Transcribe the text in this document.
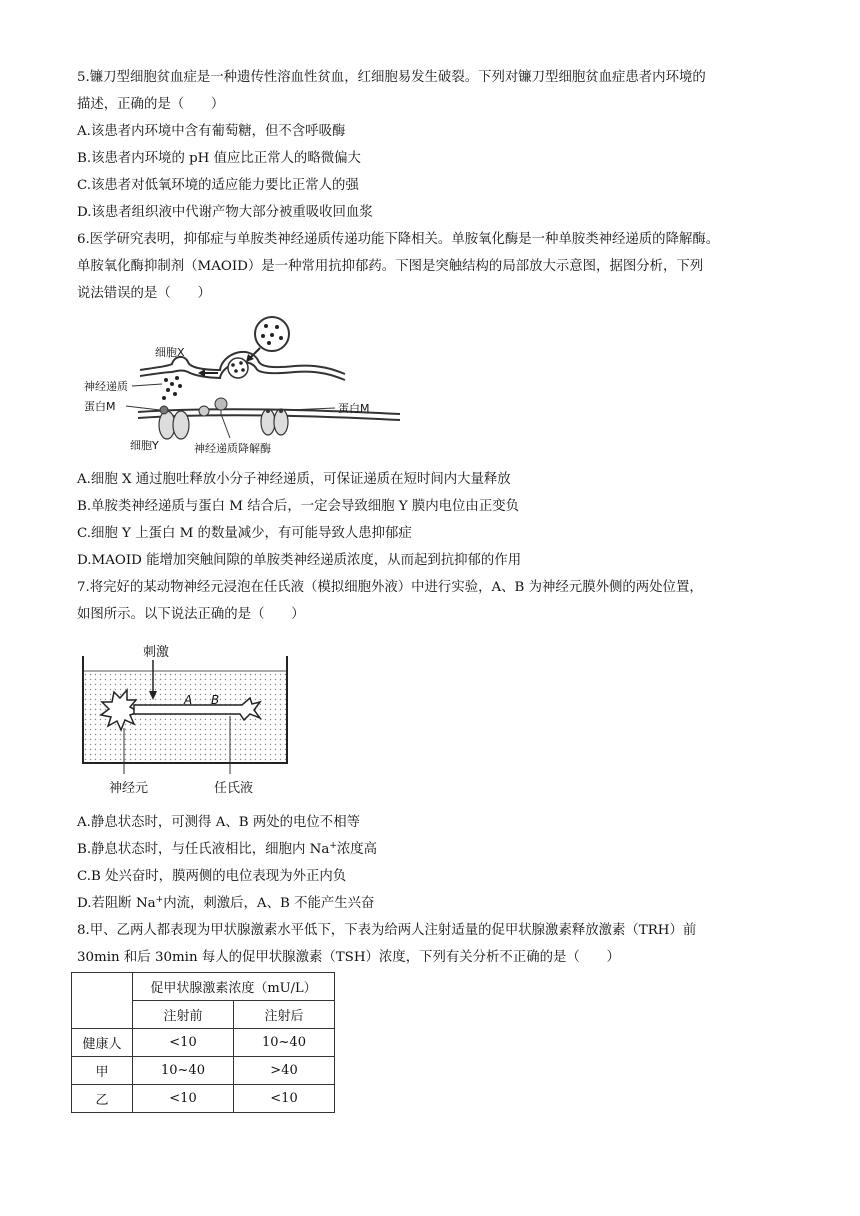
5.镰刀型细胞贫血症是一种遗传性溶血性贫血，红细胞易发生破裂。下列对镰刀型细胞贫血症患者内环境的
描述，正确的是（　　）
A.该患者内环境中含有葡萄糖，但不含呼吸酶
B.该患者内环境的 pH 值应比正常人的略微偏大
C.该患者对低氧环境的适应能力要比正常人的强
D.该患者组织液中代谢产物大部分被重吸收回血浆
6.医学研究表明，抑郁症与单胺类神经递质传递功能下降相关。单胺氧化酶是一种单胺类神经递质的降解酶。
单胺氧化酶抑制剂（MAOID）是一种常用抗抑郁药。下图是突触结构的局部放大示意图，据图分析，下列
说法错误的是（　　）
细胞X
神经递质
蛋白M	蛋白M
细胞Y	神经递质降解酶
A.细胞 X 通过胞吐释放小分子神经递质，可保证递质在短时间内大量释放
B.单胺类神经递质与蛋白 M 结合后，一定会导致细胞 Y 膜内电位由正变负
C.细胞 Y 上蛋白 M 的数量减少，有可能导致人患抑郁症
D.MAOID 能增加突触间隙的单胺类神经递质浓度，从而起到抗抑郁的作用
7.将完好的某动物神经元浸泡在任氏液（模拟细胞外液）中进行实验，A、B 为神经元膜外侧的两处位置，
如图所示。以下说法正确的是（　　）
刺激
A B
神经元	任氏液
A.静息状态时，可测得 A、B 两处的电位不相等
B.静息状态时，与任氏液相比，细胞内 Na+浓度高
C.B 处兴奋时，膜两侧的电位表现为外正内负
D.若阻断 Na+内流，刺激后，A、B 不能产生兴奋
8.甲、乙两人都表现为甲状腺激素水平低下，下表为给两人注射适量的促甲状腺激素释放激素（TRH）前
30min 和后 30min 每人的促甲状腺激素（TSH）浓度，下列有关分析不正确的是（　　）
	促甲状腺激素浓度（mU/L）	
	注射前	注射后
健康人	<10	10~40
甲	10~40	>40
乙	<10	<10
